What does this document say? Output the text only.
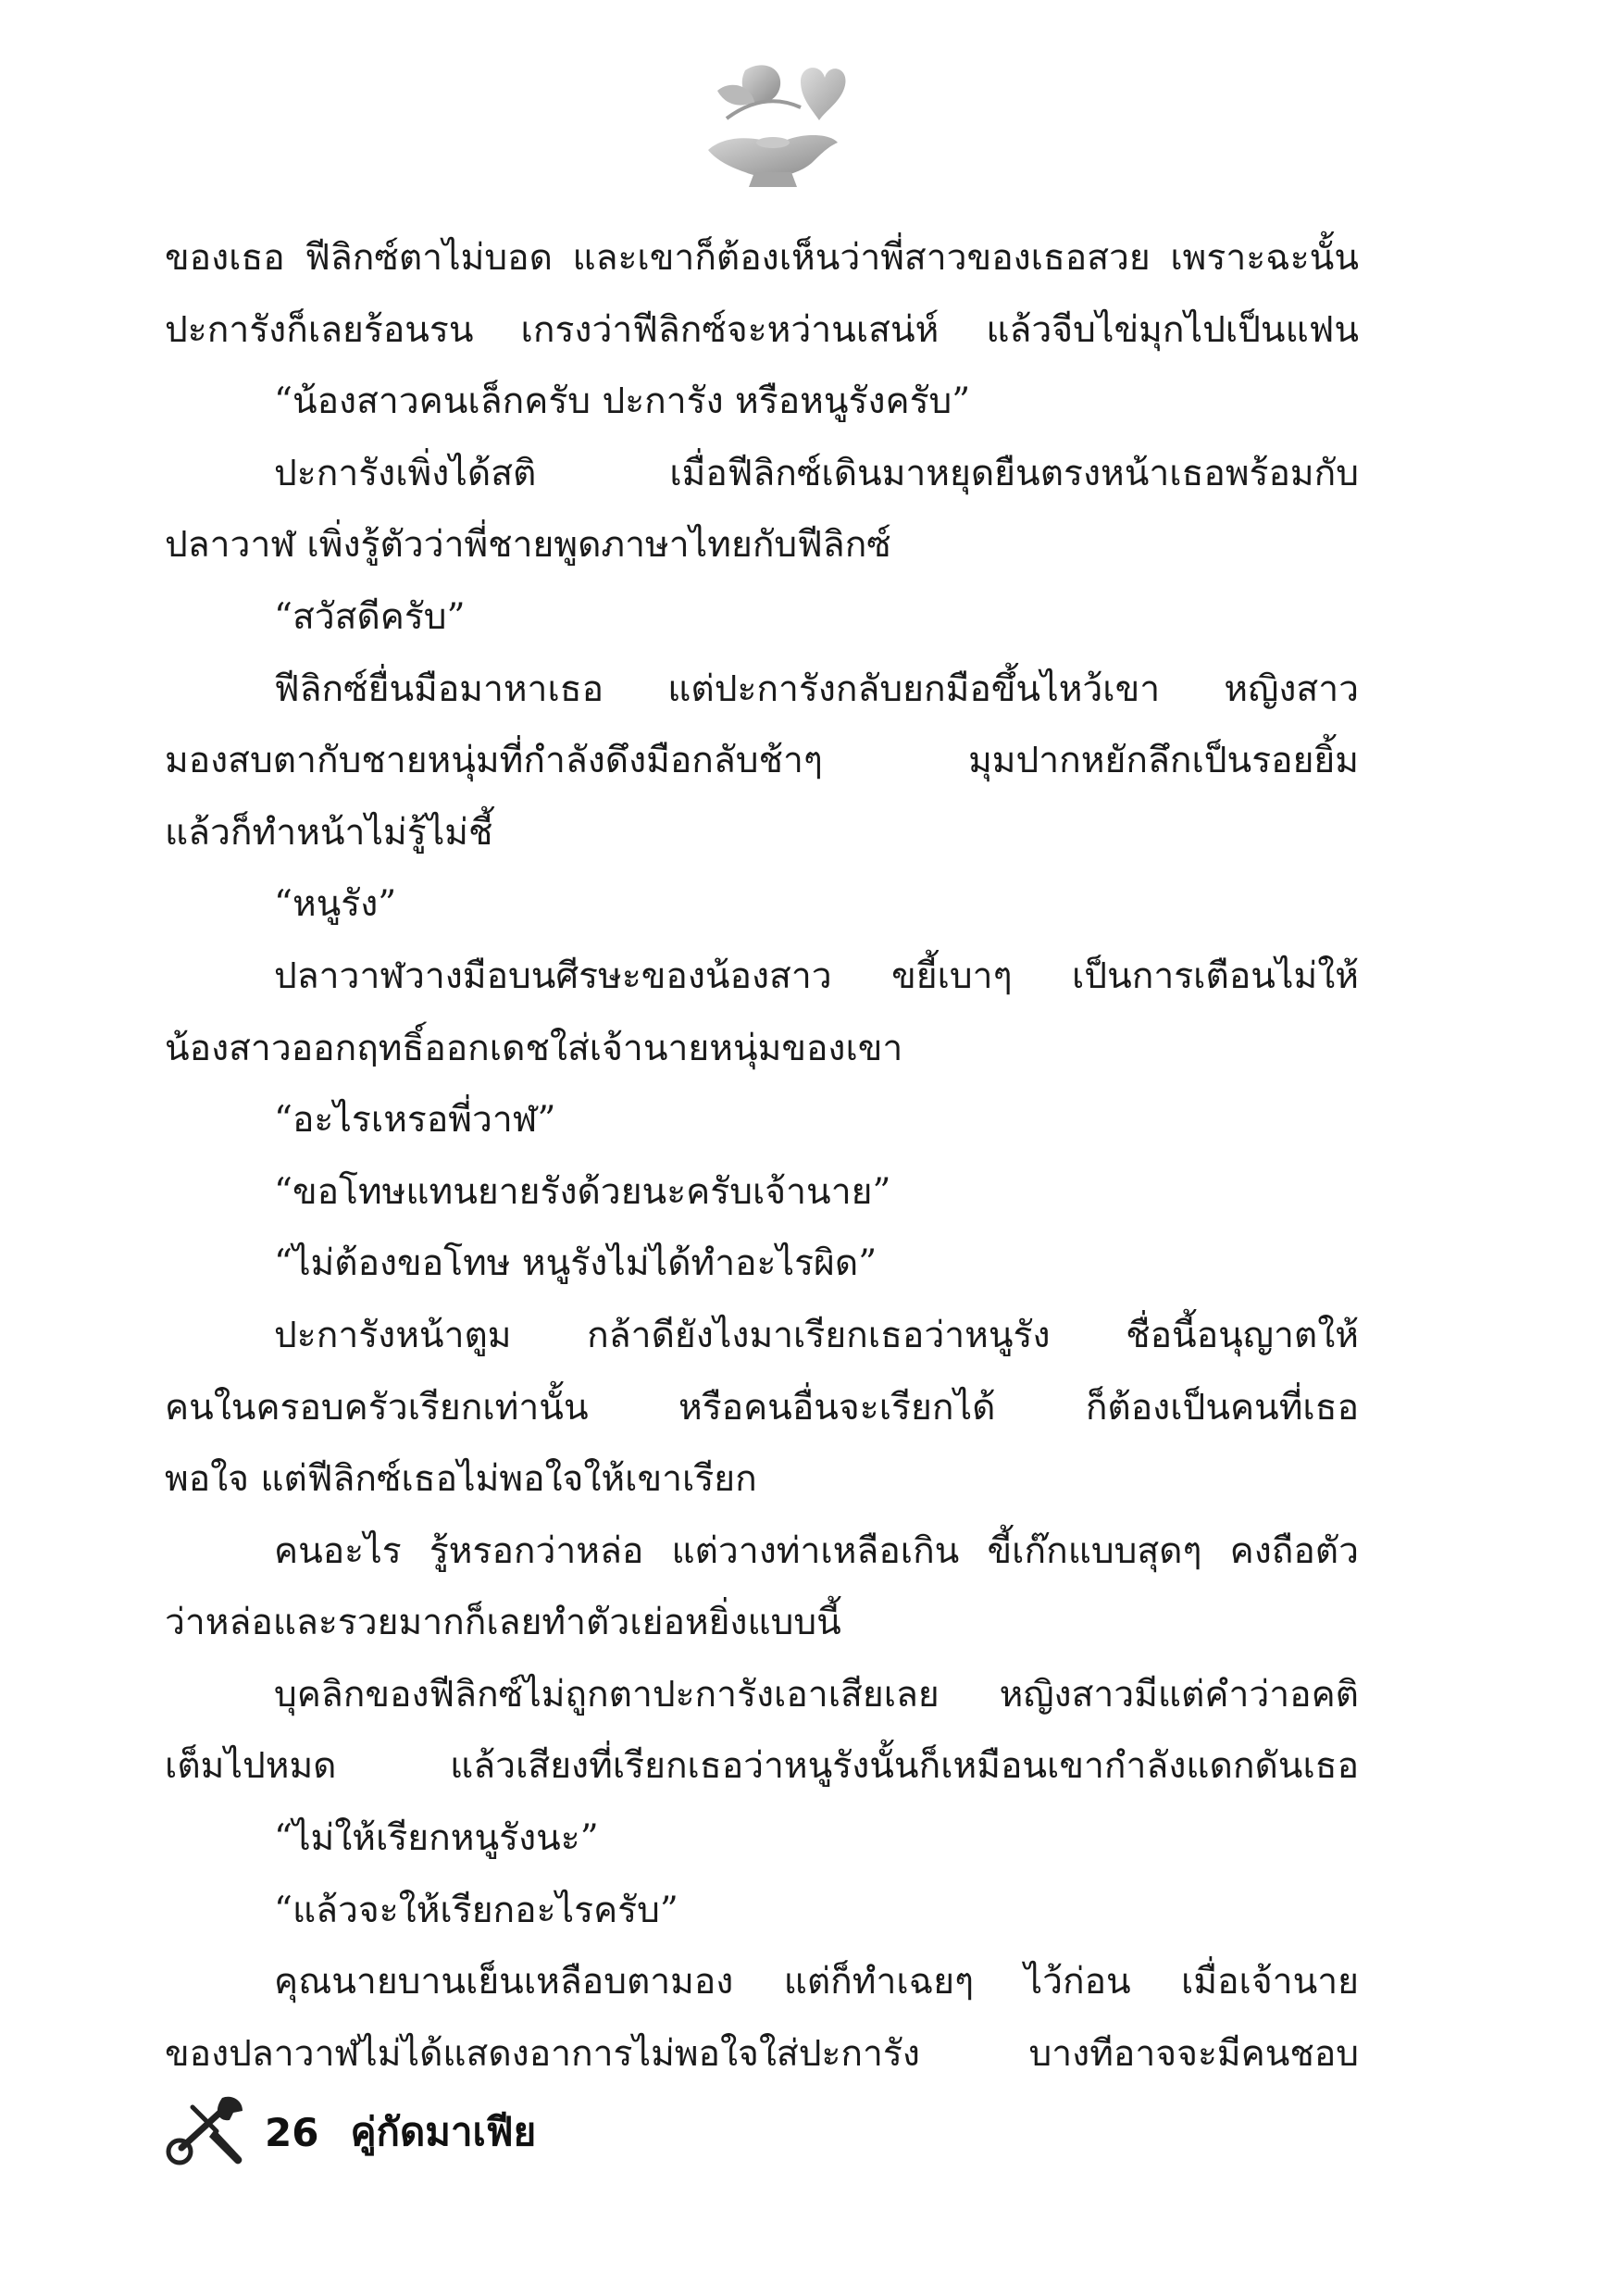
ของเธอ ฟีลิกซ์ตาไม่บอด และเขาก็ต้องเห็นว่าพี่สาวของเธอสวย เพราะฉะนั้น
ปะการังก็เลยร้อนรน เกรงว่าฟีลิกซ์จะหว่านเสน่ห์ แล้วจีบไข่มุกไปเป็นแฟน
“น้องสาวคนเล็กครับ ปะการัง หรือหนูรังครับ”
ปะการังเพิ่งได้สติ เมื่อฟีลิกซ์เดินมาหยุดยืนตรงหน้าเธอพร้อมกับ
ปลาวาฬ เพิ่งรู้ตัวว่าพี่ชายพูดภาษาไทยกับฟีลิกซ์
“สวัสดีครับ”
ฟีลิกซ์ยื่นมือมาหาเธอ แต่ปะการังกลับยกมือขึ้นไหว้เขา หญิงสาว
มองสบตากับชายหนุ่มที่กำลังดึงมือกลับช้าๆ มุมปากหยักลึกเป็นรอยยิ้ม
แล้วก็ทำหน้าไม่รู้ไม่ชี้
“หนูรัง”
ปลาวาฬวางมือบนศีรษะของน้องสาว ขยี้เบาๆ เป็นการเตือนไม่ให้
น้องสาวออกฤทธิ์ออกเดชใส่เจ้านายหนุ่มของเขา
“อะไรเหรอพี่วาฬ”
“ขอโทษแทนยายรังด้วยนะครับเจ้านาย”
“ไม่ต้องขอโทษ หนูรังไม่ได้ทำอะไรผิด”
ปะการังหน้าตูม กล้าดียังไงมาเรียกเธอว่าหนูรัง ชื่อนี้อนุญาตให้
คนในครอบครัวเรียกเท่านั้น หรือคนอื่นจะเรียกได้ ก็ต้องเป็นคนที่เธอ
พอใจ แต่ฟีลิกซ์เธอไม่พอใจให้เขาเรียก
คนอะไร รู้หรอกว่าหล่อ แต่วางท่าเหลือเกิน ขี้เก๊กแบบสุดๆ คงถือตัว
ว่าหล่อและรวยมากก็เลยทำตัวเย่อหยิ่งแบบนี้
บุคลิกของฟีลิกซ์ไม่ถูกตาปะการังเอาเสียเลย หญิงสาวมีแต่คำว่าอคติ
เต็มไปหมด แล้วเสียงที่เรียกเธอว่าหนูรังนั้นก็เหมือนเขากำลังแดกดันเธอ
“ไม่ให้เรียกหนูรังนะ”
“แล้วจะให้เรียกอะไรครับ”
คุณนายบานเย็นเหลือบตามอง แต่ก็ทำเฉยๆ ไว้ก่อน เมื่อเจ้านาย
ของปลาวาฬไม่ได้แสดงอาการไม่พอใจใส่ปะการัง บางทีอาจจะมีคนชอบ
26 คู่กัดมาเฟีย
